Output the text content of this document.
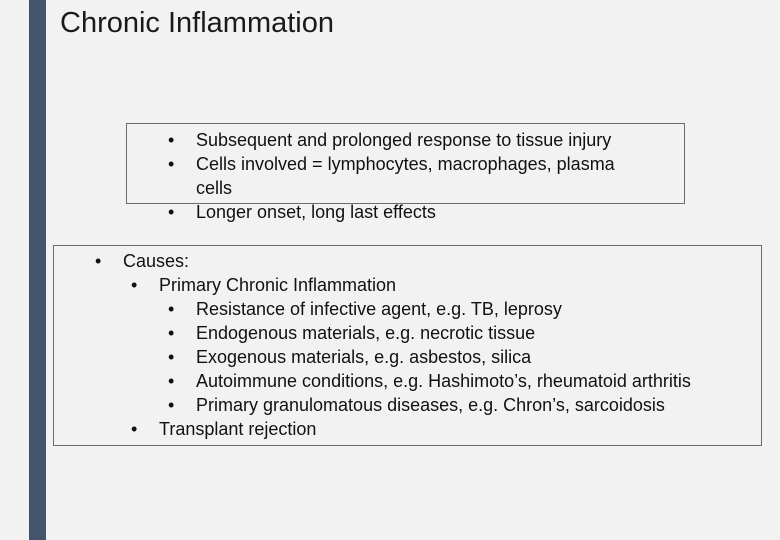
Chronic Inflammation
• Subsequent and prolonged response to tissue injury
• Cells involved = lymphocytes, macrophages, plasma
cells
• Longer onset, long last effects
• Causes:
• Primary Chronic Inflammation
• Resistance of infective agent, e.g. TB, leprosy
• Endogenous materials, e.g. necrotic tissue
• Exogenous materials, e.g. asbestos, silica
• Autoimmune conditions, e.g. Hashimoto’s, rheumatoid arthritis
• Primary granulomatous diseases, e.g. Chron’s, sarcoidosis
• Transplant rejection
